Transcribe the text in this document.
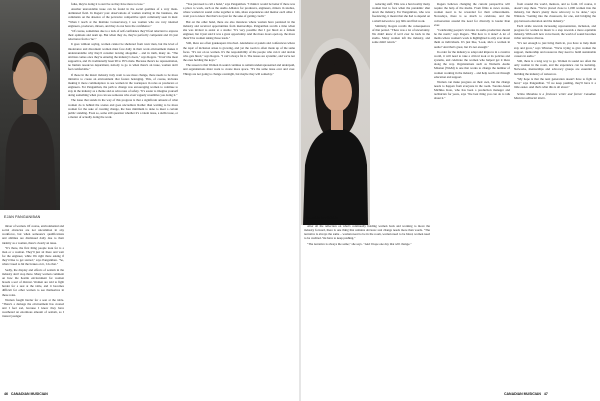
EJAN PANGANIBAN

mixer of women. Of course, environmental and social obstacles are not uncommon in any workforce, but when someone's qualifications and abilities are dismissed daily due to their identity as a woman, there's clearly an issue.

"It's there, the first thing people look for is a man or a woman. They'll just sit there and wait for the engineer, while I'm right there asking if they'd like to get started," says Panganiban. "So, when I need to hit the brakes on it, I do that."

Sadly, the display and effects of sexism in the industry don't stop there. Many women comment on how the hostile environment for women breeds a sort of distrust. Women are told to fight harder for a seat at the table, and it becomes difficult for other women to see themselves in these roles.

Women fought harder for a seat at the table. "There's a damage the environment has created and I feel sad, because I know they have weathered an enormous amount of sexism, so I trusted younger

folks, they're doing it to survive as they have more to lose."

Another unavoidable issue can be found in the social qualities of a very male-dominated field. In Rogers' past observations of women starting in the business, she comments on the absence of the pervasive competitive spirit commonly seen in men: "When I teach at the Institute Conservatory, I see women who are very talented engineers, producers, mixers, and they do not have the confidence."

"Of course, sometimes due to a lack of self-confidence they'll feel reluctant to express their opinions and team up. But when they do, they're perfectly competent and it's just reluctance from a 'no'."

It goes without saying, women cannot be sheltered from toxic men, but the level of intolerance and discontent women must face daily in their work environment makes it understandable why they'd consider leaving altogether – and in truth, many do. "The attrition comes once they're entering the industry's doors," says Rogers. "It isn't the most supportive, and it's traditionally been 90 to 95% male. Because there's no representation, no human resources department, nobody to go to when there's an issue, women don't feel comfortable."

If those in the music industry truly want to see more change, there needs to be more initiative to create an environment that fosters belonging. This, of course, includes making it more commonplace to see women in the workspace in roles as producers or engineers. For Panganiban, the path to change was encouraging women to continue to stay in the industry as a theme and as advocates of safety. "It's easier to imagine yourself doing something when you can see someone who even vaguely resembles you doing it."

The issue that stands in the way of this progress is that a significant amount of what women do is behind the scenes and goes uncredited. Rather than waiting to be more women for the sake of creating change, the bare minimum is done to meet a certain public standing. Even so, some still question whether it's a talent issue, a skills issue, or a matter of actually doing the work.

"You just need to call a hand," says Panganiban. "I think it would be better if there was a place to work, such as the Audio Alliance for producers, engineers, mixers in studios, where women in sound come together to talk, share experiences and mentor each other. I want you to know that that's not just for the sake of getting credit."

But on the other hand, there are also instances where women have persisted in the industry and received opportunities from mentorships. Panganiban recalls a time when she was invited to assist at a studio: "It's very possible that I got hired as a female engineer, but it just said it was a great opportunity. And the more doors open up, the more there'll be women taking those leads."

Still, there are often gatekeepers involved. Attendance at panels and conferences where the topic of inclusion arises is growing, and yet the room is often made up of the same faces. "It's not on us women. It's the responsibility of the people who run it and decide who gets hired," says Rogers. "I can't always fix it. The issues are systemic, and we're not the ones holding the keys."

The reason is that Women in sound continue to remain underrepresented and underpaid, and organizations must work to create more space. "It's the same issue over and over. Things are not going to change overnight, but maybe they will someday."

46 CANADIAN MUSICIAN
ROHAN NYOGAN

reducing staff. This was a hard reality many women had to face when the pandemic shut down the industry. For Panganiban, who was freelancing, it meant that she had to depend on a small network to pay bills and find work.

Similarly, Rogers recalls the consequences of that period. "There was a lot of uncertainty. We didn't know if we'd ever be back in the studio. Many women left the industry, and some didn't return."

After all the reflection on what's continually holding women back and working to move the industry forward, there is one thing that remains obvious: real change needs more than words. "The narrative is always the same – women need to be in the room, women need to be hired, women need to be credited. We have to keep pushing."

"The narrative is always the same," she says. "And I hope one day that will change."

Rogers believes changing the current perspective will require the help of the media. From films to news stories, women need to be rewarded for their achievements. Nowadays, there is so much to celebrate, and the conversation around the need for diversity is louder than ever.

"Celebrating people's victories in audio production should be the norm," says Rogers. "But how is it done? A lot of media where women's work is highlighted is only ever about them as individuals. It's just like, 'Look, she's a woman in audio!' And that's great, but it's not enough."

In order for the industry to adapt and improve in a creative world, it will need to take a critical look at its policies and systems, and celebrate the women who helped get it there along the way. Organizations such as Women's Audio Mission (WAM) is one that works to change the number of women working in the industry – and help reach out through education and support.

Women can make progress on their own, but the change needs to happen from everyone in the room. Toronto-based Michiko Kato, who has been a production manager and technician for years, says "the best thing you can do is talk about it."

from around the world, mentors, and so forth. Of course, it doesn't stop there. "We've placed close to 1,000 women into the industry, but there's plenty more advocacy to be done," says Winston. "Getting into the classroom, for one, and bridging the gap between education and the industry."

Each stride towards increasing representation, inclusion, and progress for women in music is a step towards a more equitable industry. With each new voice heard, the world of sound becomes richer and more diverse.

"It's not enough to just bring them in, you have to help them stay and grow," says Winston. "We're trying to give women the support, mentorship and resources they need to build sustainable careers in audio."

Still, there is a long way to go. Women in sound are often the only woman in the room, and the experience can be isolating. Networks, mentorships and advocacy groups are essential in building the industry of tomorrow.

"My hope is that the next generation doesn't have to fight as hard," says Panganiban. "If we keep pushing, they'll have it a little easier. And that's what this is all about."

Selina Mendoza is a freelance writer and former Canadian Musician editorial intern.

CANADIAN MUSICIAN 47
